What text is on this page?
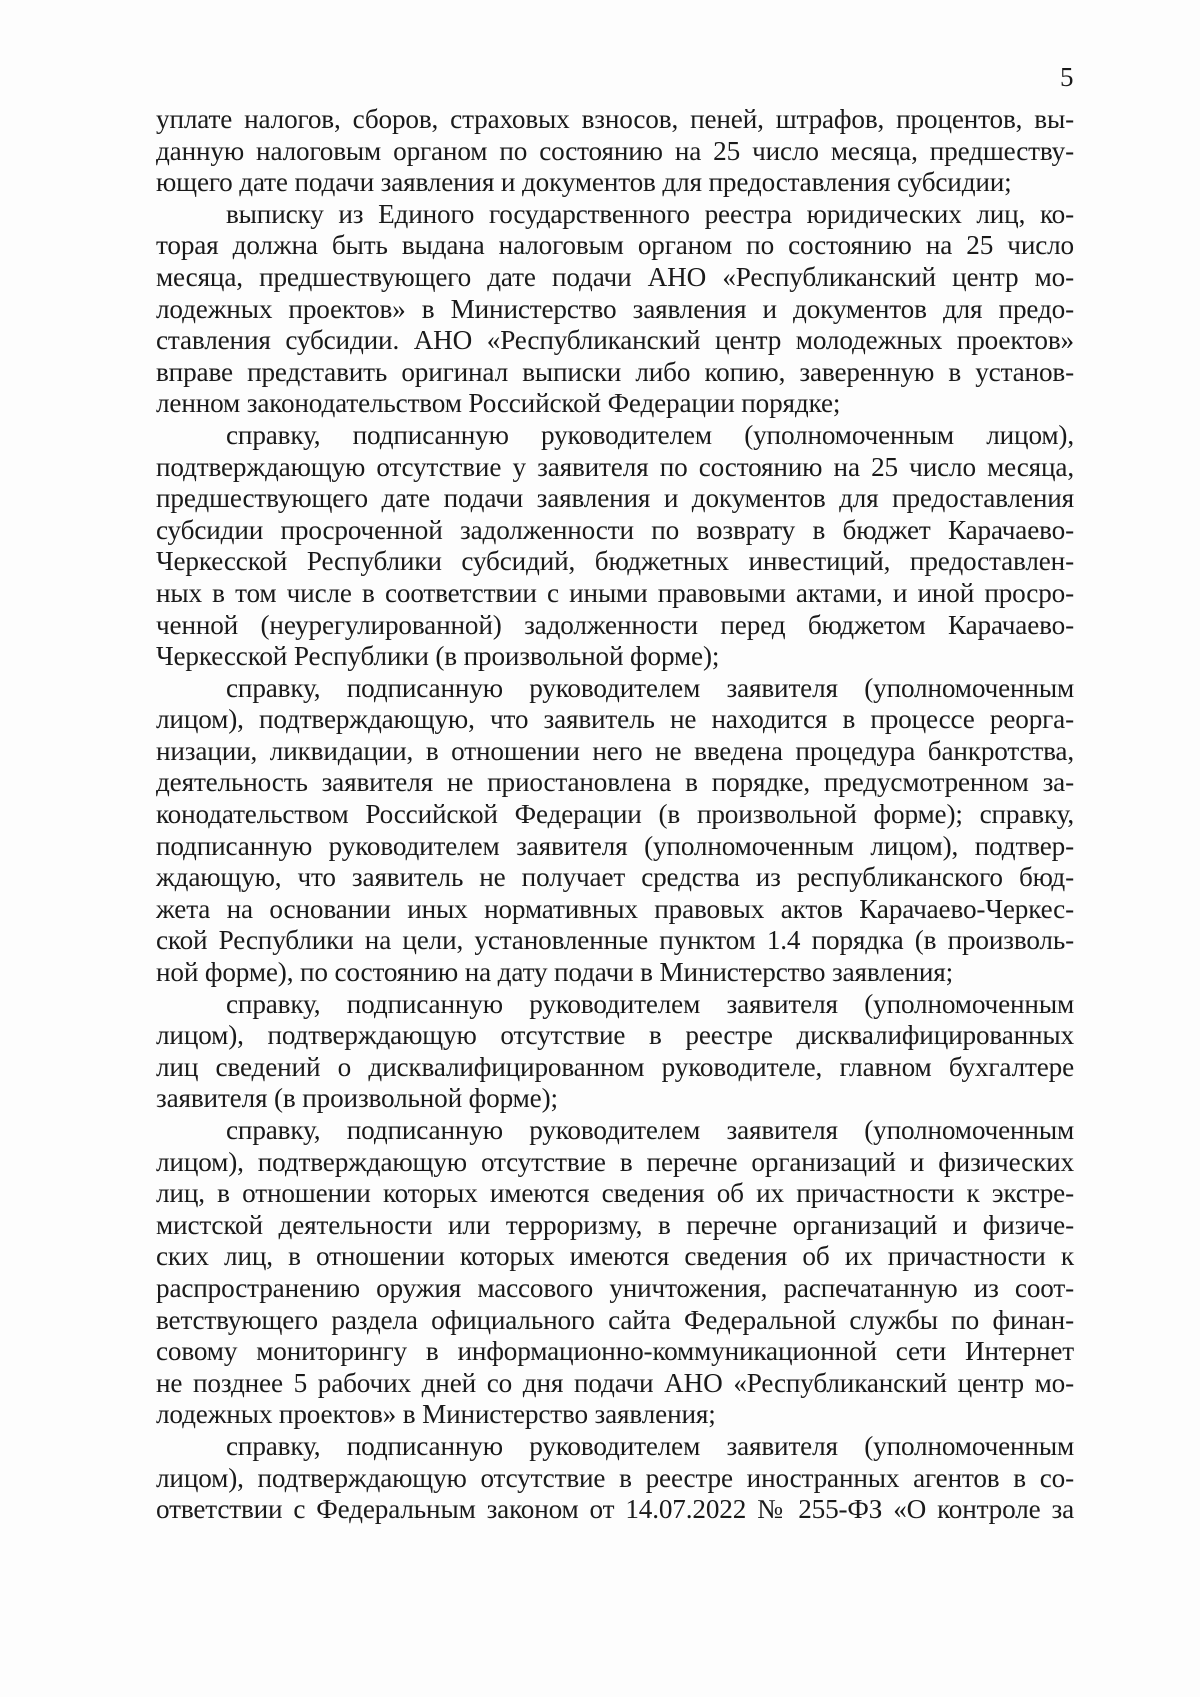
5
уплате налогов, сборов, страховых взносов, пеней, штрафов, процентов, вы-
данную налоговым органом по состоянию на 25 число месяца, предшеству-
ющего дате подачи заявления и документов для предоставления субсидии;
выписку из Единого государственного реестра юридических лиц, ко-
торая должна быть выдана налоговым органом по состоянию на 25 число
месяца, предшествующего дате подачи АНО «Республиканский центр мо-
лодежных проектов» в Министерство заявления и документов для предо-
ставления субсидии. АНО «Республиканский центр молодежных проектов»
вправе представить оригинал выписки либо копию, заверенную в установ-
ленном законодательством Российской Федерации порядке;
справку, подписанную руководителем (уполномоченным лицом),
подтверждающую отсутствие у заявителя по состоянию на 25 число месяца,
предшествующего дате подачи заявления и документов для предоставления
субсидии просроченной задолженности по возврату в бюджет Карачаево-
Черкесской Республики субсидий, бюджетных инвестиций, предоставлен-
ных в том числе в соответствии с иными правовыми актами, и иной просро-
ченной (неурегулированной) задолженности перед бюджетом Карачаево-
Черкесской Республики (в произвольной форме);
справку, подписанную руководителем заявителя (уполномоченным
лицом), подтверждающую, что заявитель не находится в процессе реорга-
низации, ликвидации, в отношении него не введена процедура банкротства,
деятельность заявителя не приостановлена в порядке, предусмотренном за-
конодательством Российской Федерации (в произвольной форме); справку,
подписанную руководителем заявителя (уполномоченным лицом), подтвер-
ждающую, что заявитель не получает средства из республиканского бюд-
жета на основании иных нормативных правовых актов Карачаево-Черкес-
ской Республики на цели, установленные пунктом 1.4 порядка (в произволь-
ной форме), по состоянию на дату подачи в Министерство заявления;
справку, подписанную руководителем заявителя (уполномоченным
лицом), подтверждающую отсутствие в реестре дисквалифицированных
лиц сведений о дисквалифицированном руководителе, главном бухгалтере
заявителя (в произвольной форме);
справку, подписанную руководителем заявителя (уполномоченным
лицом), подтверждающую отсутствие в перечне организаций и физических
лиц, в отношении которых имеются сведения об их причастности к экстре-
мистской деятельности или терроризму, в перечне организаций и физиче-
ских лиц, в отношении которых имеются сведения об их причастности к
распространению оружия массового уничтожения, распечатанную из соот-
ветствующего раздела официального сайта Федеральной службы по финан-
совому мониторингу в информационно-коммуникационной сети Интернет
не позднее 5 рабочих дней со дня подачи АНО «Республиканский центр мо-
лодежных проектов» в Министерство заявления;
справку, подписанную руководителем заявителя (уполномоченным
лицом), подтверждающую отсутствие в реестре иностранных агентов в со-
ответствии с Федеральным законом от 14.07.2022 № 255-ФЗ «О контроле за
